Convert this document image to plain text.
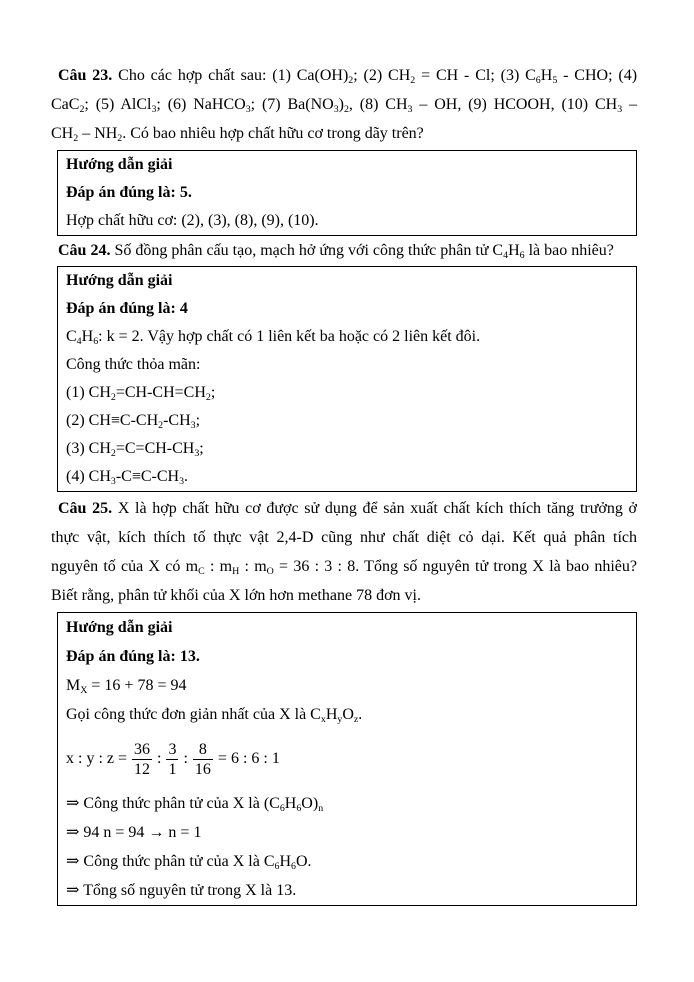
Câu 23. Cho các hợp chất sau: (1) $Ca(OH)_2$; (2) $CH_2$ = CH - Cl; (3) $C_6H_5$ - CHO; (4)
CaC$_2$; (5) AlCl$_3$; (6) NaHCO$_3$; (7) $Ba(NO_3)_2$, (8) $CH_3$ – OH, (9) HCOOH, (10) $CH_3$ –
$CH_2 - NH_2$. Có bao nhiêu hợp chất hữu cơ trong dãy trên?
Hướng dẫn giải
Đáp án đúng là: 5.
Hợp chất hữu cơ: (2), (3), (8), (9), (10).
Câu 24. Số đồng phân cấu tạo, mạch hở ứng với công thức phân tử $C_4H_6$ là bao nhiêu?
Hướng dẫn giải
Đáp án đúng là: 4
$C_4H_6$: k = 2. Vậy hợp chất có 1 liên kết ba hoặc có 2 liên kết đôi.
Công thức thỏa mãn:
(1) $CH_2=CH-CH=CH_2$;
(2) $CH\equiv C-CH_2-CH_3$;
(3) $CH_2=C=CH-CH_3$;
(4) $CH_3-C\equiv C-CH_3$.
Câu 25. X là hợp chất hữu cơ được sử dụng để sản xuất chất kích thích tăng trưởng ở
thực vật, kích thích tố thực vật 2,4-D cũng như chất diệt cỏ dại. Kết quả phân tích
nguyên tố của X có $m_C$ : $m_H$ : $m_O = 36$ : 3 : 8. Tổng số nguyên tử trong X là bao nhiêu?
Biết rằng, phân tử khối của X lớn hơn methane 78 đơn vị.
Hướng dẫn giải
Đáp án đúng là: 13.
$M_X = 16 + 78 = 94$
Gọi công thức đơn giản nhất của X là $C_xH_yO_z$.
x : y : $z = \frac{36}{12}$ : $\frac{3}{1}$ : $\frac{8}{16} = 6$ : 6 : 1
⇒ Công thức phân tử của X là $(C_6H_6O)_n$
⇒ 94 n = 94 → n = 1
⇒ Công thức phân tử của X là $C_6H_6O$.
⇒ Tổng số nguyên tử trong X là 13.
